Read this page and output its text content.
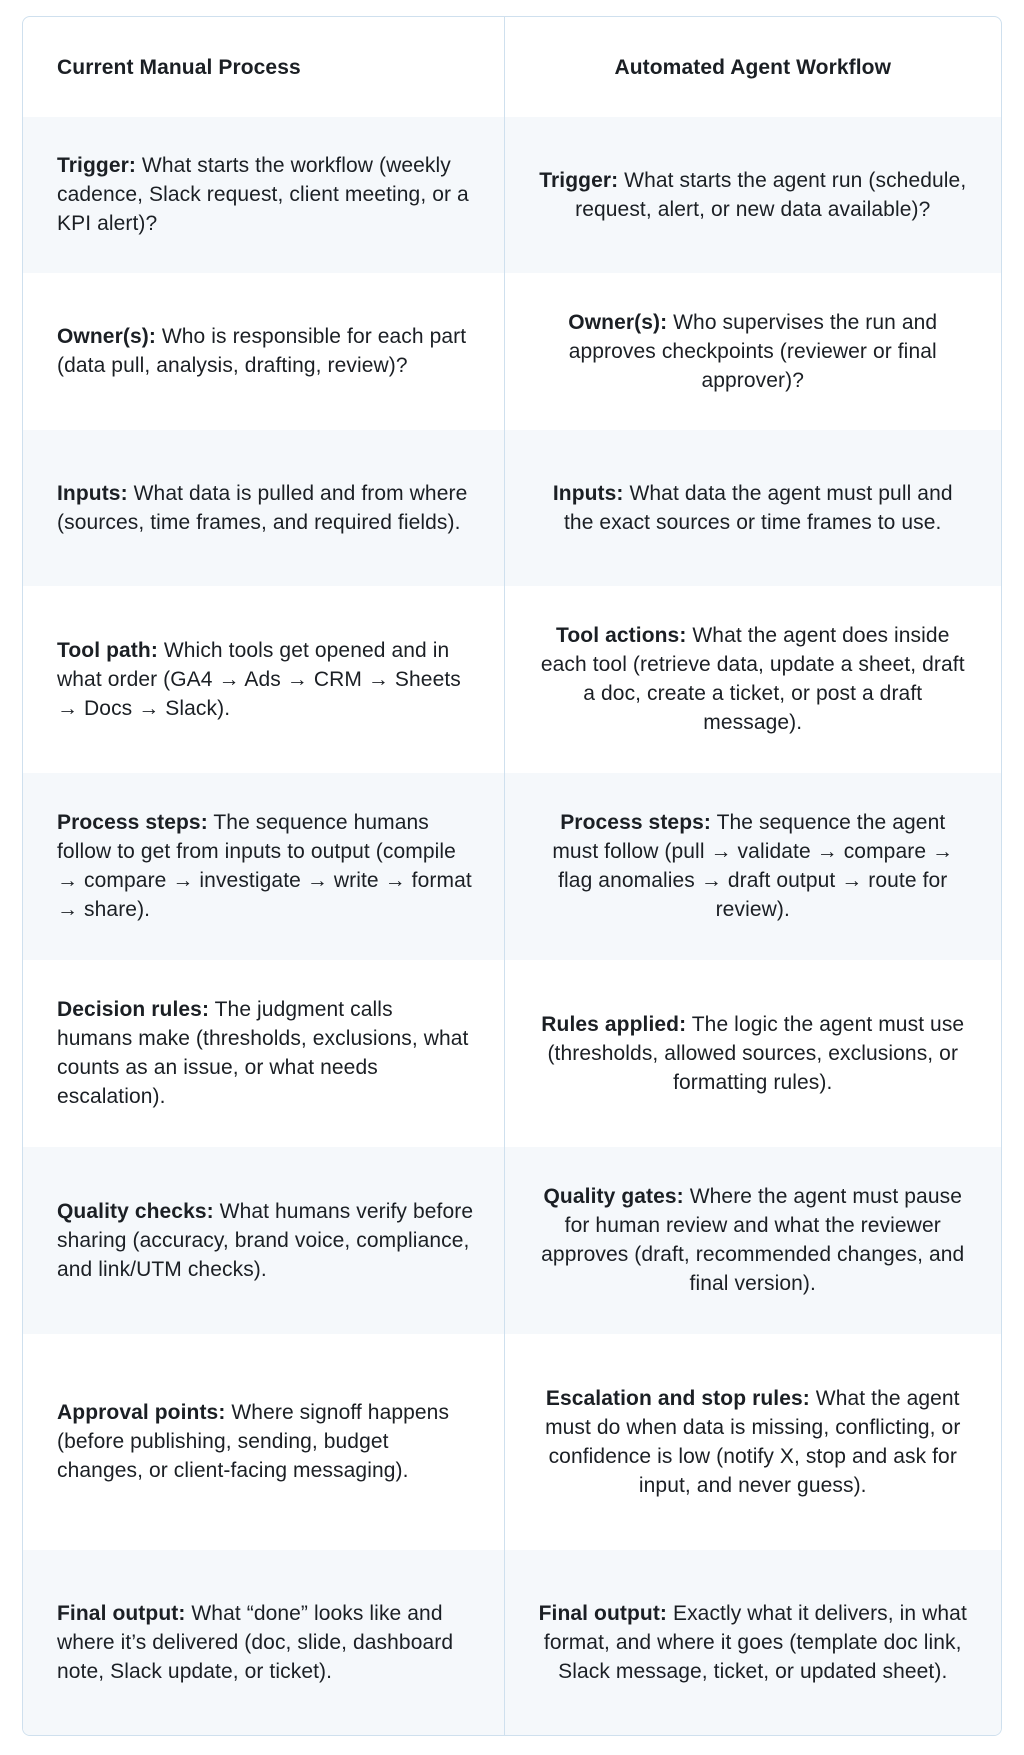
Current Manual Process	Automated Agent Workflow
Trigger: What starts the workflow (weekly cadence, Slack request, client meeting, or a KPI alert)?	Trigger: What starts the agent run (schedule, request, alert, or new data available)?
Owner(s): Who is responsible for each part (data pull, analysis, drafting, review)?	Owner(s): Who supervises the run and approves checkpoints (reviewer or final approver)?
Inputs: What data is pulled and from where (sources, time frames, and required fields).	Inputs: What data the agent must pull and the exact sources or time frames to use.
Tool path: Which tools get opened and in what order (GA4 → Ads → CRM → Sheets → Docs → Slack).	Tool actions: What the agent does inside each tool (retrieve data, update a sheet, draft a doc, create a ticket, or post a draft message).
Process steps: The sequence humans follow to get from inputs to output (compile → compare → investigate → write → format → share).	Process steps: The sequence the agent must follow (pull → validate → compare → flag anomalies → draft output → route for review).
Decision rules: The judgment calls humans make (thresholds, exclusions, what counts as an issue, or what needs escalation).	Rules applied: The logic the agent must use (thresholds, allowed sources, exclusions, or formatting rules).
Quality checks: What humans verify before sharing (accuracy, brand voice, compliance, and link/UTM checks).	Quality gates: Where the agent must pause for human review and what the reviewer approves (draft, recommended changes, and final version).
Approval points: Where signoff happens (before publishing, sending, budget changes, or client-facing messaging).	Escalation and stop rules: What the agent must do when data is missing, conflicting, or confidence is low (notify X, stop and ask for input, and never guess).
Final output: What “done” looks like and where it’s delivered (doc, slide, dashboard note, Slack update, or ticket).	Final output: Exactly what it delivers, in what format, and where it goes (template doc link, Slack message, ticket, or updated sheet).
